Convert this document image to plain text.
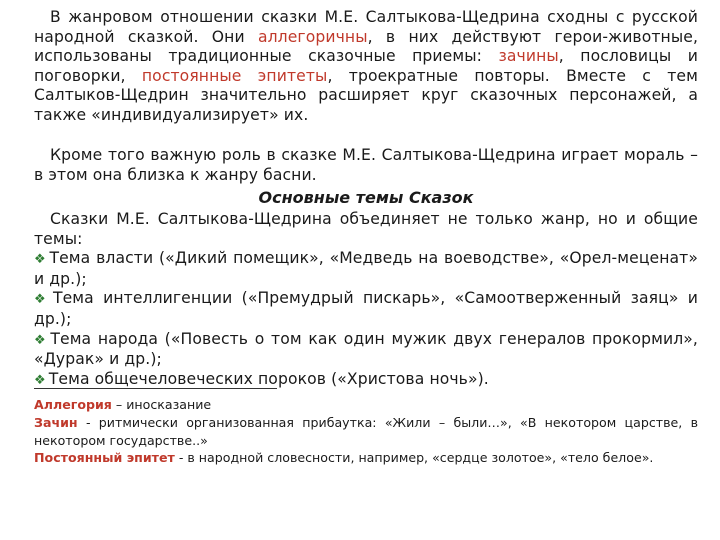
В жанровом отношении сказки М.Е. Салтыкова-Щедрина сходны с русской народной сказкой. Они аллегоричны, в них действуют герои-животные, использованы традиционные сказочные приемы: зачины, пословицы и поговорки, постоянные эпитеты, троекратные повторы. Вместе с тем Салтыков-Щедрин значительно расширяет круг сказочных персонажей, а также «индивидуализирует» их.
Кроме того важную роль в сказке М.Е. Салтыкова-Щедрина играет мораль – в этом она близка к жанру басни.
Основные темы Сказок
Сказки М.Е. Салтыкова-Щедрина объединяет не только жанр, но и общие темы:
❖ Тема власти («Дикий помещик», «Медведь на воеводстве», «Орел-меценат» и др.);
❖ Тема интеллигенции («Премудрый пискарь», «Самоотверженный заяц» и др.);
❖ Тема народа («Повесть о том как один мужик двух генералов прокормил», «Дурак» и др.);
❖ Тема общечеловеческих пороков («Христова ночь»).
Аллегория – иносказание
Зачин - ритмически организованная прибаутка: «Жили – были…», «В некотором царстве, в некотором государстве..»
Постоянный эпитет - в народной словесности, например, «сердце золотое», «тело белое».
